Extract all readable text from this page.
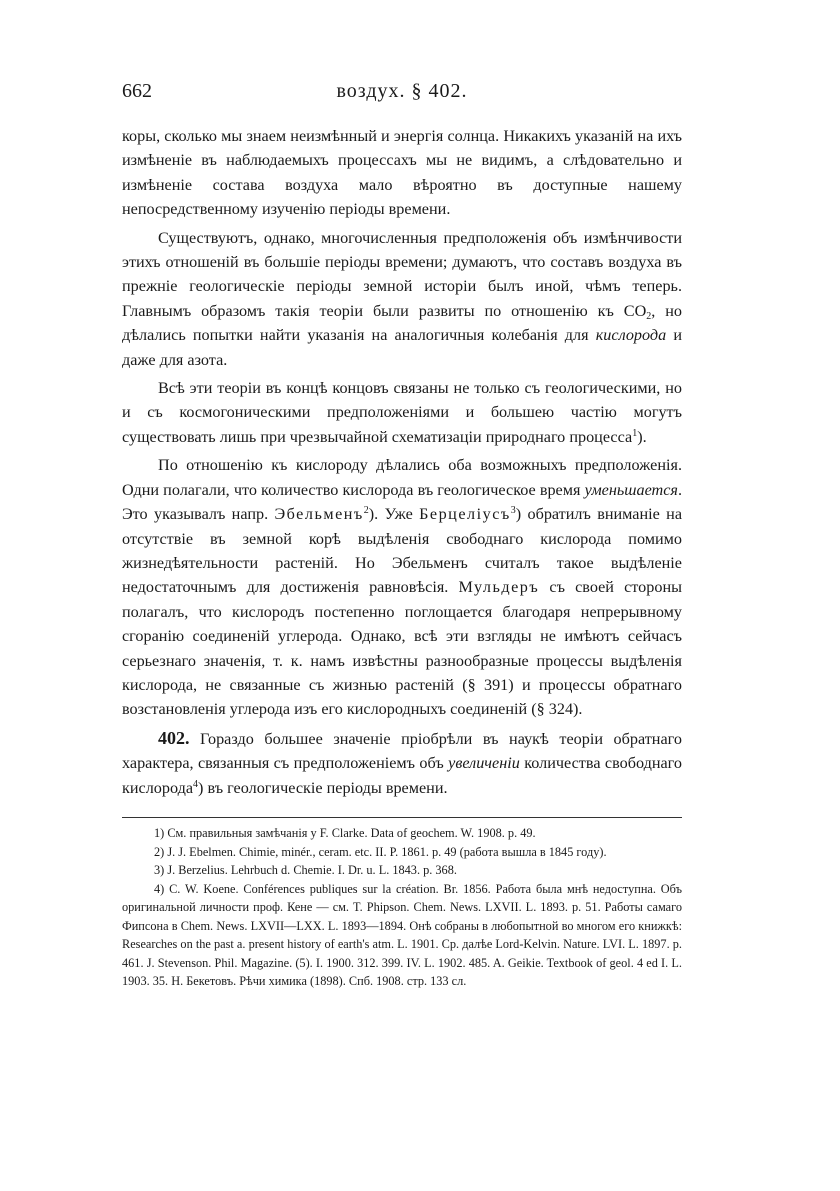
662	воздух. § 402.

коры, сколько мы знаем неизмѣнный и энергія солнца. Никакихъ указаній на ихъ измѣненіе въ наблюдаемыхъ процессахъ мы не видимъ, а слѣдовательно и измѣненіе состава воздуха мало вѣроятно въ доступные нашему непосредственному изученію періоды времени.

Существуютъ, однако, многочисленныя предположенія объ измѣнчивости этихъ отношеній въ большіе періоды времени; думаютъ, что составъ воздуха въ прежніе геологическіе періоды земной исторіи былъ иной, чѣмъ теперь. Главнымъ образомъ такія теоріи были развиты по отношенію къ $CO_2$, но дѣлались попытки найти указанія на аналогичныя колебанія для кислорода и даже для азота.

Всѣ эти теоріи въ концѣ концовъ связаны не только съ геологическими, но и съ космогоническими предположеніями и большею частію могутъ существовать лишь при чрезвычайной схематизаціи природнаго процесса$^1$).

По отношенію къ кислороду дѣлались оба возможныхъ предположенія. Одни полагали, что количество кислорода въ геологическое время уменьшается. Это указывалъ напр. Эбельменъ$^2$). Уже Берцеліусъ$^3$) обратилъ вниманіе на отсутствіе въ земной корѣ выдѣленія свободнаго кислорода помимо жизнедѣятельности растеній. Но Эбельменъ считалъ такое выдѣленіе недостаточнымъ для достиженія равновѣсія. Мульдеръ съ своей стороны полагалъ, что кислородъ постепенно поглощается благодаря непрерывному сгоранію соединеній углерода. Однако, всѣ эти взгляды не имѣютъ сейчасъ серьезнаго значенія, т. к. намъ извѣстны разнообразные процессы выдѣленія кислорода, не связанные съ жизнью растеній (§ 391) и процессы обратнаго возстановленія углерода изъ его кислородныхъ соединеній (§ 324).

402. Гораздо большее значеніе пріобрѣли въ наукѣ теоріи обратнаго характера, связанныя съ предположеніемъ объ увеличеніи количества свободнаго кислорода$^4$) въ геологическіе періоды времени.

1) См. правильныя замѣчанія у F. Clarke. Data of geochem. W. 1908. p. 49.

2) J. J. Ebelmen. Chimie, minér., ceram. etc. II. P. 1861. p. 49 (работа вышла в 1845 году).

3) J. Berzelius. Lehrbuch d. Chemie. I. Dr. u. L. 1843. p. 368.

4) C. W. Koene. Conférences publiques sur la création. Br. 1856. Работа была мнѣ недоступна. Объ оригинальной личности проф. Кене — см. T. Phipson. Chem. News. LXVII. L. 1893. p. 51. Работы самаго Фипсона в Chem. News. LXVII—LXX. L. 1893—1894. Онѣ собраны в любопытной во многом его книжкѣ: Researches on the past a. present history of earth's atm. L. 1901. Ср. далѣе Lord-Kelvin. Nature. LVI. L. 1897. p. 461. J. Stevenson. Phil. Magazine. (5). I. 1900. 312. 399. IV. L. 1902. 485. A. Geikie. Textbook of geol. 4 ed I. L. 1903. 35. H. Бекетовъ. Рѣчи химика (1898). Спб. 1908. стр. 133 сл.
